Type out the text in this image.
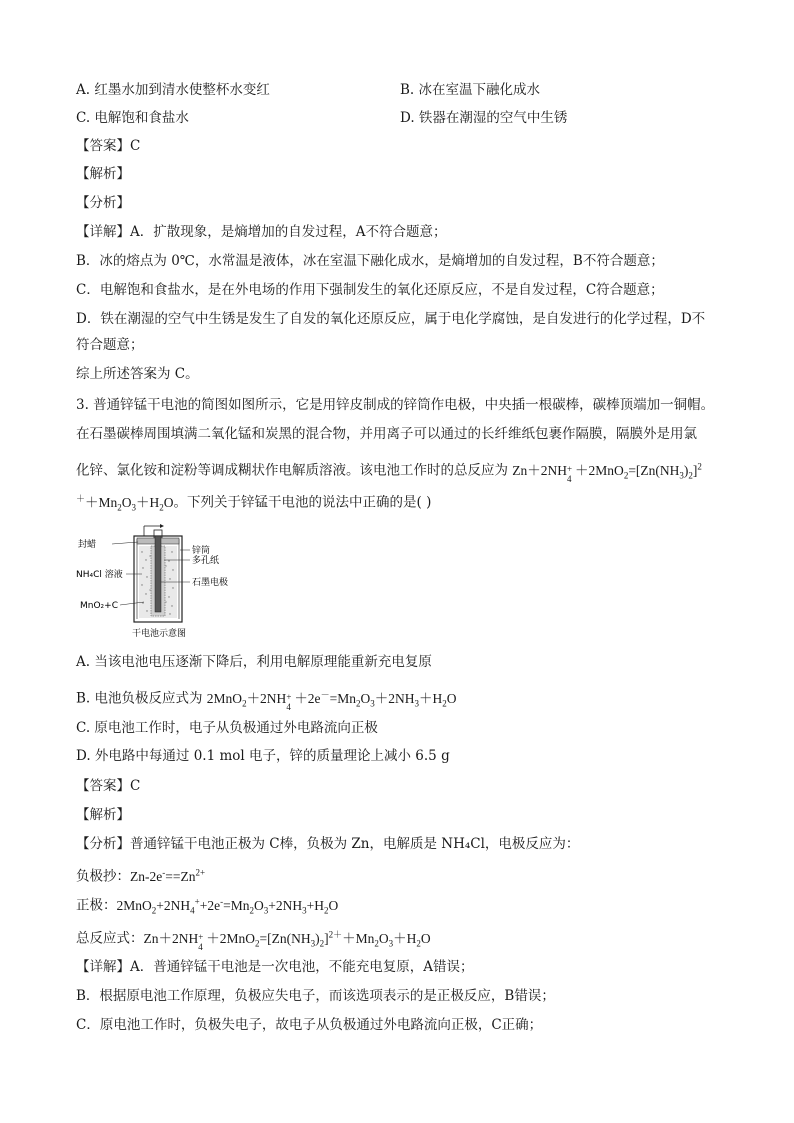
A. 红墨水加到清水使整杯水变红	B. 冰在室温下融化成水
C. 电解饱和食盐水	D. 铁器在潮湿的空气中生锈
【答案】C
【解析】
【分析】
【详解】A．扩散现象，是熵增加的自发过程，A不符合题意；
B．冰的熔点为 0℃，水常温是液体，冰在室温下融化成水，是熵增加的自发过程，B不符合题意；
C．电解饱和食盐水，是在外电场的作用下强制发生的氧化还原反应，不是自发过程，C符合题意；
D．铁在潮湿的空气中生锈是发生了自发的氧化还原反应，属于电化学腐蚀，是自发进行的化学过程，D不
符合题意；
综上所述答案为 C。
3. 普通锌锰干电池的简图如图所示，它是用锌皮制成的锌筒作电极，中央插一根碳棒，碳棒顶端加一铜帽。
在石墨碳棒周围填满二氧化锰和炭黑的混合物，并用离子可以通过的长纤维纸包裹作隔膜，隔膜外是用氯
化锌、氯化铵和淀粉等调成糊状作电解质溶液。该电池工作时的总反应为 Zn＋2NH +
4
$+2MnO_2=[Zn(NH_3)_2]^2$
$^++Mn_2O_3+H_2O$。下列关于锌锰干电池的说法中正确的是( )
封蜡
锌筒
多孔纸
NH₄Cl 溶液
石墨电极
MnO₂+C
干电池示意图
A. 当该电池电压逐渐下降后，利用电解原理能重新充电复原
B. 电池负极反应式为 2MnO$_2$＋2NH +
4
$+2e^-=Mn_2O_3+2NH_3+H_2O$
C. 原电池工作时，电子从负极通过外电路流向正极
D. 外电路中每通过 0.1 mol 电子，锌的质量理论上减小 6.5 g
【答案】C
【解析】
【分析】普通锌锰干电池正极为 C棒，负极为 Zn，电解质是 NH₄Cl，电极反应为：
负极抄：$Zn-2e^-==Zn^{2+}$
正极：$2MnO_2+2NH_4^++2e^-=Mn_2O_3+2NH_3+H_2O$
总反应式：Zn＋2NH +
4
$+2MnO_2=[Zn(NH_3)_2]^{2+}+Mn_2O_3+H_2O$
【详解】A．普通锌锰干电池是一次电池，不能充电复原，A错误；
B．根据原电池工作原理，负极应失电子，而该选项表示的是正极反应，B错误；
C．原电池工作时，负极失电子，故电子从负极通过外电路流向正极，C正确；
